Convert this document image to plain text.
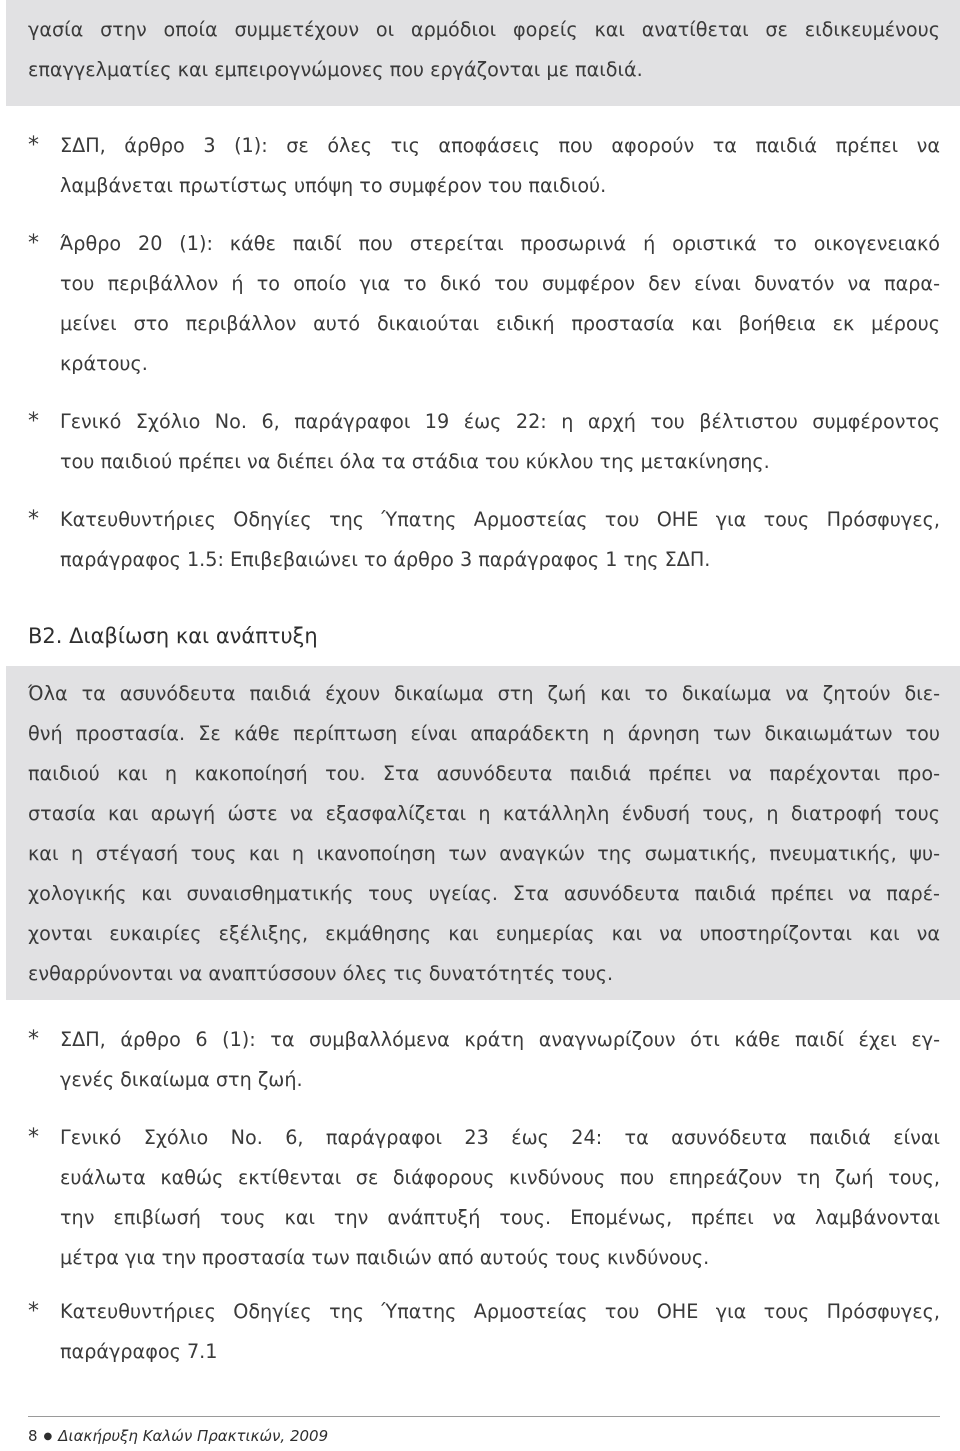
γασία στην οποία συμμετέχουν οι αρμόδιοι φορείς και ανατίθεται σε ειδικευμένους
επαγγελματίες και εμπειρογνώμονες που εργάζονται με παιδιά.
*	ΣΔΠ, άρθρο 3 (1): σε όλες τις αποφάσεις που αφορούν τα παιδιά πρέπει να
λαμβάνεται πρωτίστως υπόψη το συμφέρον του παιδιού.
*	Άρθρο 20 (1): κάθε παιδί που στερείται προσωρινά ή οριστικά το οικογενειακό
του περιβάλλον ή το οποίο για το δικό του συμφέρον δεν είναι δυνατόν να παρα-
μείνει στο περιβάλλον αυτό δικαιούται ειδική προστασία και βοήθεια εκ μέρους
κράτους.
*	Γενικό Σχόλιο Νο. 6, παράγραφοι 19 έως 22: η αρχή του βέλτιστου συμφέροντος
του παιδιού πρέπει να διέπει όλα τα στάδια του κύκλου της μετακίνησης.
*	Κατευθυντήριες Οδηγίες της Ύπατης Αρμοστείας του ΟΗΕ για τους Πρόσφυγες,
παράγραφος 1.5: Επιβεβαιώνει το άρθρο 3 παράγραφος 1 της ΣΔΠ.
Β2. Διαβίωση και ανάπτυξη
Όλα τα ασυνόδευτα παιδιά έχουν δικαίωμα στη ζωή και το δικαίωμα να ζητούν διε-
θνή προστασία. Σε κάθε περίπτωση είναι απαράδεκτη η άρνηση των δικαιωμάτων του
παιδιού και η κακοποίησή του. Στα ασυνόδευτα παιδιά πρέπει να παρέχονται προ-
στασία και αρωγή ώστε να εξασφαλίζεται η κατάλληλη ένδυσή τους, η διατροφή τους
και η στέγασή τους και η ικανοποίηση των αναγκών της σωματικής, πνευματικής, ψυ-
χολογικής και συναισθηματικής τους υγείας. Στα ασυνόδευτα παιδιά πρέπει να παρέ-
χονται ευκαιρίες εξέλιξης, εκμάθησης και ευημερίας και να υποστηρίζονται και να
ενθαρρύνονται να αναπτύσσουν όλες τις δυνατότητές τους.
*	ΣΔΠ, άρθρο 6 (1): τα συμβαλλόμενα κράτη αναγνωρίζουν ότι κάθε παιδί έχει εγ-
γενές δικαίωμα στη ζωή.
*	Γενικό Σχόλιο Νο. 6, παράγραφοι 23 έως 24: τα ασυνόδευτα παιδιά είναι
ευάλωτα καθώς εκτίθενται σε διάφορους κινδύνους που επηρεάζουν τη ζωή τους,
την επιβίωσή τους και την ανάπτυξή τους. Επομένως, πρέπει να λαμβάνονται
μέτρα για την προστασία των παιδιών από αυτούς τους κινδύνους.
*	Κατευθυντήριες Οδηγίες της Ύπατης Αρμοστείας του ΟΗΕ για τους Πρόσφυγες,
παράγραφος 7.1
8 ● Διακήρυξη Καλών Πρακτικών, 2009
